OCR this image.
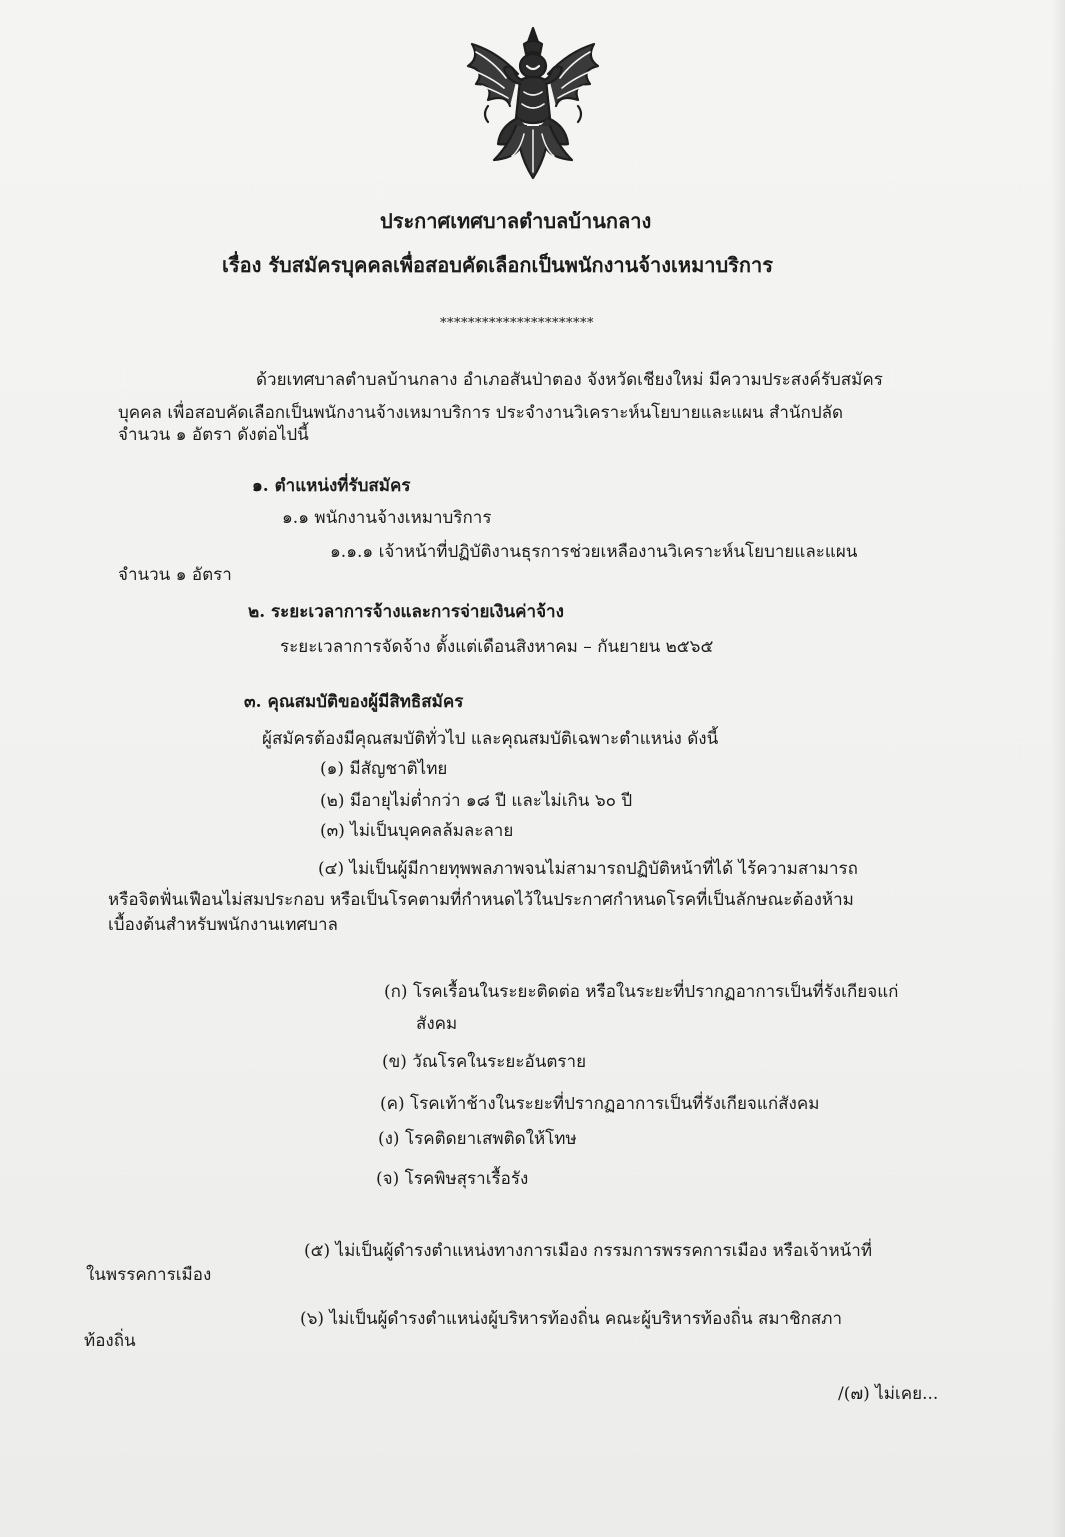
ประกาศเทศบาลตำบลบ้านกลาง
เรื่อง รับสมัครบุคคลเพื่อสอบคัดเลือกเป็นพนักงานจ้างเหมาบริการ
**********************
ด้วยเทศบาลตำบลบ้านกลาง อำเภอสันป่าตอง จังหวัดเชียงใหม่ มีความประสงค์รับสมัคร
บุคคล เพื่อสอบคัดเลือกเป็นพนักงานจ้างเหมาบริการ ประจำงานวิเคราะห์นโยบายและแผน สำนักปลัด
จำนวน ๑ อัตรา ดังต่อไปนี้
๑. ตำแหน่งที่รับสมัคร
๑.๑ พนักงานจ้างเหมาบริการ
๑.๑.๑ เจ้าหน้าที่ปฏิบัติงานธุรการช่วยเหลืองานวิเคราะห์นโยบายและแผน
จำนวน ๑ อัตรา
๒. ระยะเวลาการจ้างและการจ่ายเงินค่าจ้าง
ระยะเวลาการจัดจ้าง ตั้งแต่เดือนสิงหาคม – กันยายน ๒๕๖๕
๓. คุณสมบัติของผู้มีสิทธิสมัคร
ผู้สมัครต้องมีคุณสมบัติทั่วไป และคุณสมบัติเฉพาะตำแหน่ง ดังนี้
(๑) มีสัญชาติไทย
(๒) มีอายุไม่ต่ำกว่า ๑๘ ปี และไม่เกิน ๖๐ ปี
(๓) ไม่เป็นบุคคลล้มละลาย
(๔) ไม่เป็นผู้มีกายทุพพลภาพจนไม่สามารถปฏิบัติหน้าที่ได้ ไร้ความสามารถ
หรือจิตฟั่นเฟือนไม่สมประกอบ หรือเป็นโรคตามที่กำหนดไว้ในประกาศกำหนดโรคที่เป็นลักษณะต้องห้าม
เบื้องต้นสำหรับพนักงานเทศบาล
(ก) โรคเรื้อนในระยะติดต่อ หรือในระยะที่ปรากฏอาการเป็นที่รังเกียจแก่
สังคม
(ข) วัณโรคในระยะอันตราย
(ค) โรคเท้าช้างในระยะที่ปรากฏอาการเป็นที่รังเกียจแก่สังคม
(ง) โรคติดยาเสพติดให้โทษ
(จ) โรคพิษสุราเรื้อรัง
(๕) ไม่เป็นผู้ดำรงตำแหน่งทางการเมือง กรรมการพรรคการเมือง หรือเจ้าหน้าที่
ในพรรคการเมือง
(๖) ไม่เป็นผู้ดำรงตำแหน่งผู้บริหารท้องถิ่น คณะผู้บริหารท้องถิ่น สมาชิกสภา
ท้องถิ่น
/(๗) ไม่เคย...
